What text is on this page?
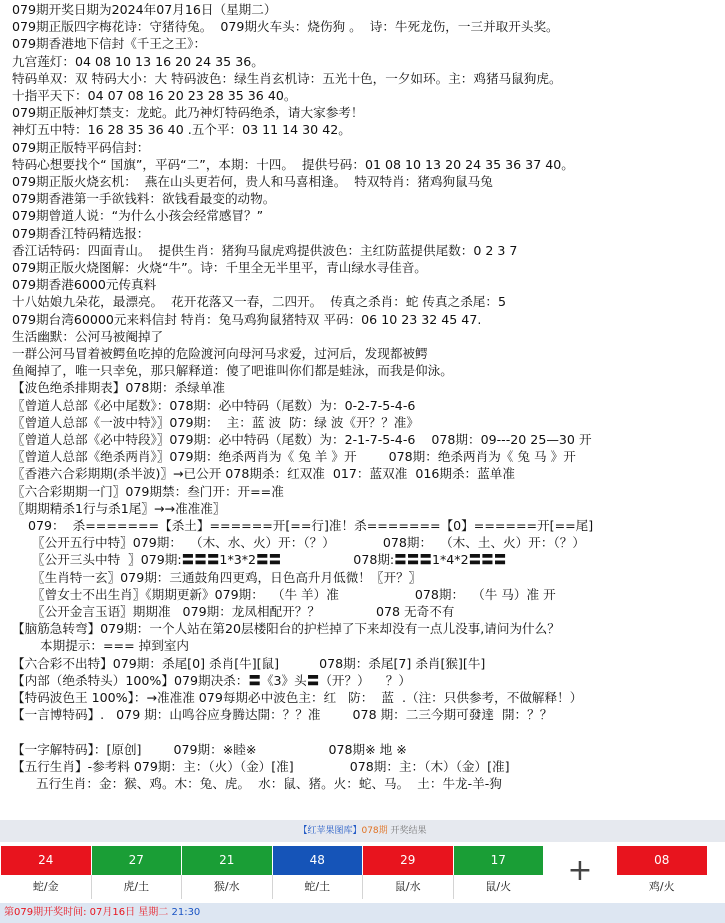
079期开奖日期为2024年07月16日（星期二）
079期正版四字梅花诗：守猪待兔。  079期火车头：烧伤狗 。  诗：牛死龙伤，一三并取开头奖。
079期香港地下信封《千王之王》：
九宫莲灯：04 08 10 13 16 20 24 35 36。
特码单双：双 特码大小：大 特码波色：绿生肖玄机诗：五光十色，一夕如环。主：鸡猪马鼠狗虎。
十指平天下：04 07 08 16 20 23 28 35 36 40。
079期正版神灯禁支：龙蛇。此乃神灯特码绝杀，请大家参考！
神灯五中特：16 28 35 36 40 .五个平：03 11 14 30 42。
079期正版特平码信封：
特码心想要找个“ 国旗”，平码“二”，本期：十四。  提供号码：01 08 10 13 20 24 35 36 37 40。
079期正版火烧玄机：  燕在山头更若何，贵人和马喜相逢。  特双特肖：猪鸡狗鼠马兔
079期香港第一手欲钱料：欲钱看最变的动物。
079期曾道人说：“为什么小孩会经常感冒？”
079期香江特码精选报：
香江话特码：四面青山。  提供生肖：猪狗马鼠虎鸡提供波色：主红防蓝提供尾数：0 2 3 7
079期正版火烧图解：火烧“牛”。诗：千里全无半里平，青山绿水寻佳音。
079期香港6000元传真料
十八姑娘九朵花，最漂亮。  花开花落又一春，二四开。  传真之杀肖：蛇 传真之杀尾：5
079期台湾60000元来料信封 特肖：兔马鸡狗鼠猪特双 平码：06 10 23 32 45 47.
生活幽默：公河马被阉掉了
一群公河马冒着被鳄鱼吃掉的危险渡河向母河马求爱，过河后，发现都被鳄
鱼阉掉了，唯一只幸免，那只解释道：傻了吧谁叫你们都是蛙泳，而我是仰泳。
【波色绝杀排期表】078期：杀绿单准
〖曾道人总部《必中尾数》：078期：必中特码（尾数）为：0-2-7-5-4-6
〖曾道人总部《一波中特》〗079期：  主：蓝 波  防：绿 波《开？？准》
〖曾道人总部《必中特段》〗079期：必中特码（尾数）为：2-1-7-5-4-6    078期：09---20 25—30 开
〖曾道人总部《绝杀两肖》〗079期：绝杀两肖为《 兔 羊 》开        078期：绝杀两肖为《 兔 马 》开
〖香港六合彩期期(杀半波)〗→已公开 078期杀：红双准  017：蓝双准  016期杀：蓝单准
〖六合彩期期一门〗079期禁：叁门开：开==准
〖期期精杀1行与杀1尾〗→→准准准〗
079：  杀=======【杀土】======开[==行]准！杀=======【0】======开[==尾]
〖公开五行中特〗079期：  （木、水、火）开：（？）            078期：  （木、土、火）开：（？）
〖公开三头中特  〗079期:〓〓〓1*3*2〓〓                  078期:〓〓〓1*4*2〓〓〓
〖生肖特一玄〗079期：三通鼓角四更鸡，日色高升月低微！〖开？〗
〖曾女士不出生肖〗《期期更新》079期：  （牛 羊）准                   078期：  （牛 马）准 开
〖公开金言玉语〗期期准   079期：龙凤相配开？？              078 无奇不有
【脑筋急转弯】079期：一个人站在第20层楼阳台的护栏掉了下来却没有一点儿没事,请问为什么？
本期提示：=== 掉到室内
【六合彩不出特】079期：杀尾[0] 杀肖[牛][鼠]          078期：杀尾[7] 杀肖[猴][牛]
【内部（绝杀特头）100%】079期决杀：〓《3》头〓（开？）    ？）
【特码波色王 100%】：→准准准 079每期必中波色主：红   防：  蓝  .（注：只供参考，不做解释！）
【一言博特码】.   079 期：山鸣谷应身腾达開：？？准        078 期：二三今期可發達  開：？？
【一字解特码】：[原创]        079期：※睦※                  078期※ 地 ※
【五行生肖】-参考料 079期：主：（火）（金）[准]              078期：主：（木）（金）[准]
五行生肖：金：猴、鸡。木：兔、虎。  水：鼠、猪。火：蛇、马。  土：牛龙-羊-狗
【红苹果图库】078期 开奖结果
24
蛇/金
27
虎/土
21
猴/水
48
蛇/土
29
鼠/水
17
鼠/火
08
鸡/火
+
第079期开奖时间: 07月16日 星期二 21:30
